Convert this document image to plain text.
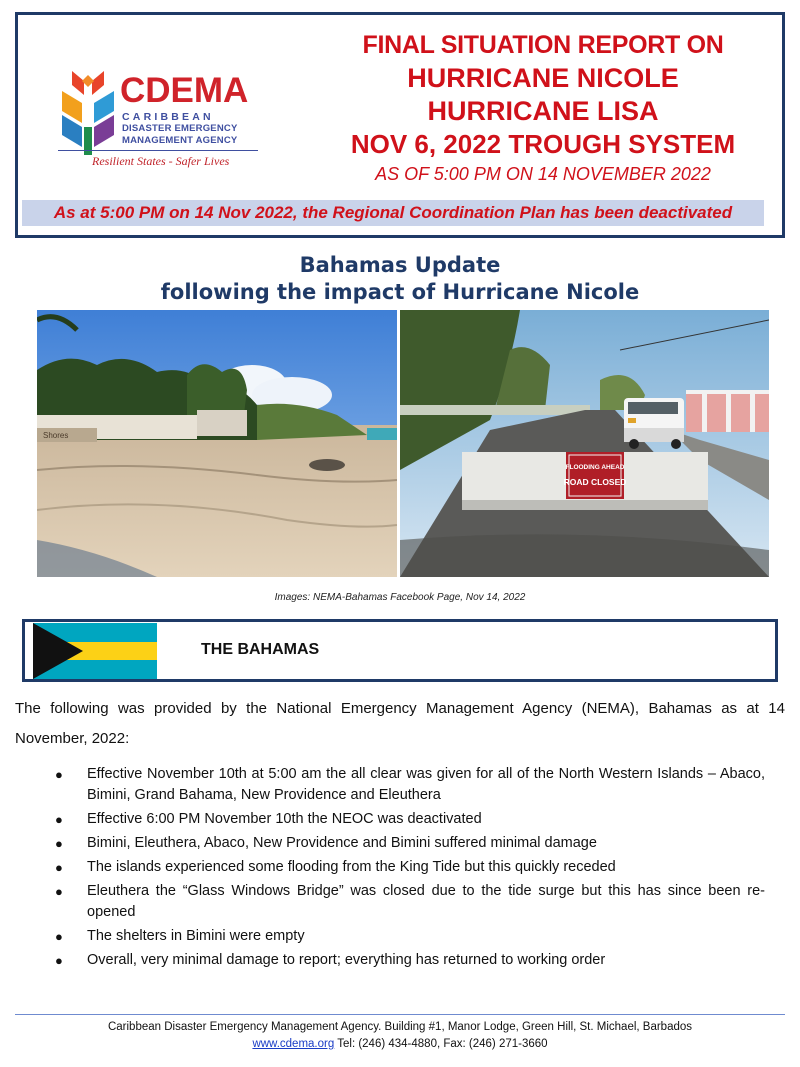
CDEMA
CARIBBEAN
DISASTER EMERGENCY
MANAGEMENT AGENCY
Resilient States - Safer Lives
FINAL SITUATION REPORT ON
HURRICANE NICOLE
HURRICANE LISA
NOV 6, 2022 TROUGH SYSTEM
AS OF 5:00 PM ON 14 NOVEMBER 2022
As at 5:00 PM on 14 Nov 2022, the Regional Coordination Plan has been deactivated
Bahamas Update
following the impact of Hurricane Nicole
Shores
FLOODING AHEAD
ROAD CLOSED
Images: NEMA-Bahamas Facebook Page, Nov 14, 2022
THE BAHAMAS
The following was provided by the National Emergency Management Agency (NEMA), Bahamas as at 14 November, 2022:
● Effective November 10th at 5:00 am the all clear was given for all of the North Western Islands – Abaco, Bimini, Grand Bahama, New Providence and Eleuthera
● Effective 6:00 PM November 10th the NEOC was deactivated
● Bimini, Eleuthera, Abaco, New Providence and Bimini suffered minimal damage
● The islands experienced some flooding from the King Tide but this quickly receded
● Eleuthera the “Glass Windows Bridge” was closed due to the tide surge but this has since been re-opened
● The shelters in Bimini were empty
● Overall, very minimal damage to report; everything has returned to working order
Caribbean Disaster Emergency Management Agency. Building #1, Manor Lodge, Green Hill, St. Michael, Barbados
www.cdema.org Tel: (246) 434-4880, Fax: (246) 271-3660
